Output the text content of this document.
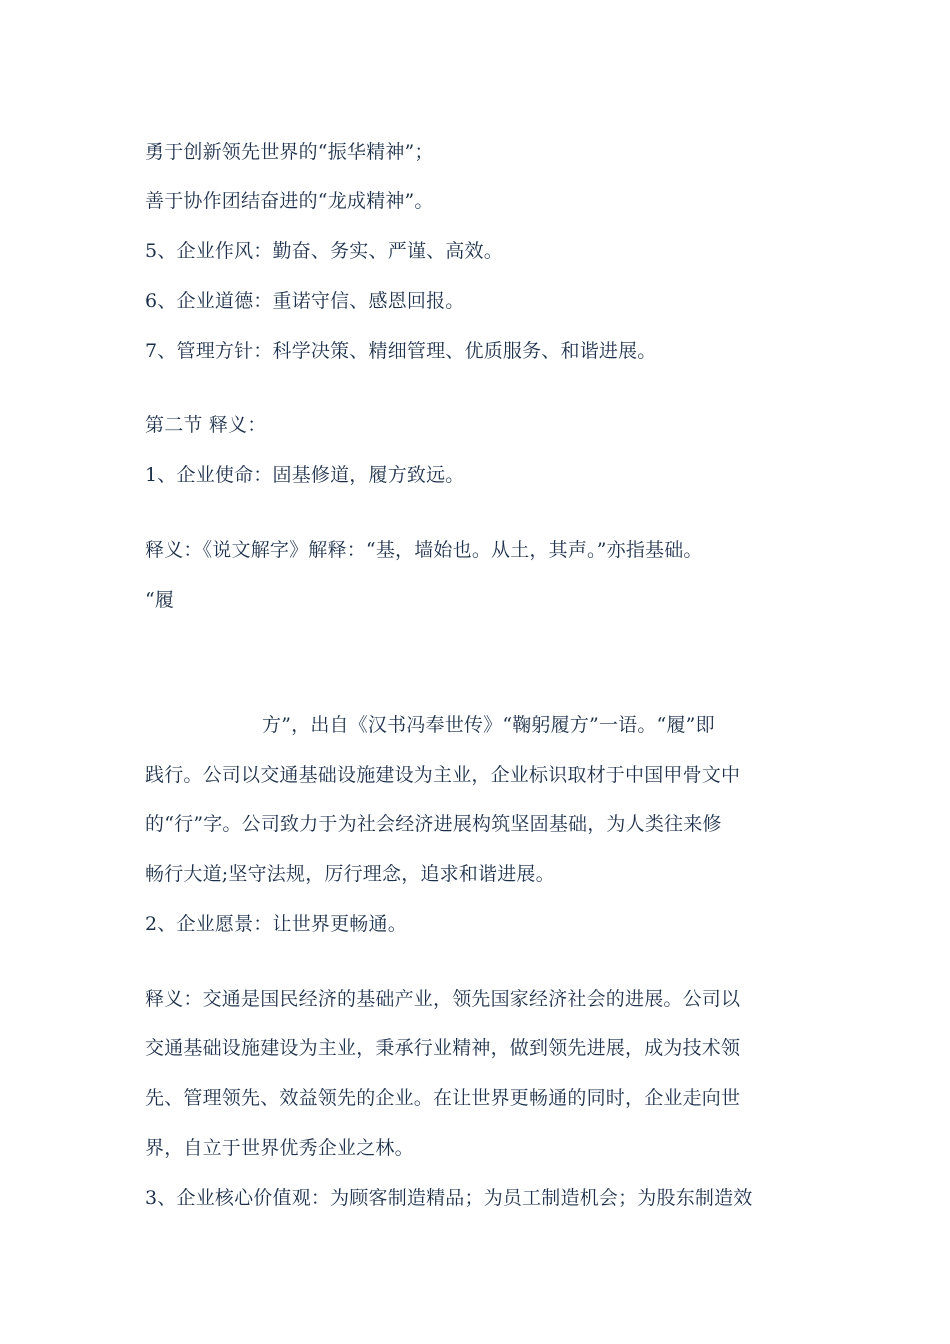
勇于创新领先世界的“振华精神”；
善于协作团结奋进的“龙成精神”。
5、企业作风：勤奋、务实、严谨、高效。
6、企业道德：重诺守信、感恩回报。
7、管理方针：科学决策、精细管理、优质服务、和谐进展。
第二节 释义：
1、企业使命：固基修道，履方致远。
释义：《说文解字》解释：“基，墙始也。从土，其声。”亦指基础。
“履
方”，出自《汉书冯奉世传》“鞠躬履方”一语。“履”即
践行。公司以交通基础设施建设为主业，企业标识取材于中国甲骨文中
的“行”字。公司致力于为社会经济进展构筑坚固基础，为人类往来修
畅行大道;坚守法规，厉行理念，追求和谐进展。
2、企业愿景：让世界更畅通。
释义：交通是国民经济的基础产业，领先国家经济社会的进展。公司以
交通基础设施建设为主业，秉承行业精神，做到领先进展，成为技术领
先、管理领先、效益领先的企业。在让世界更畅通的同时，企业走向世
界，自立于世界优秀企业之林。
3、企业核心价值观：为顾客制造精品；为员工制造机会；为股东制造效
